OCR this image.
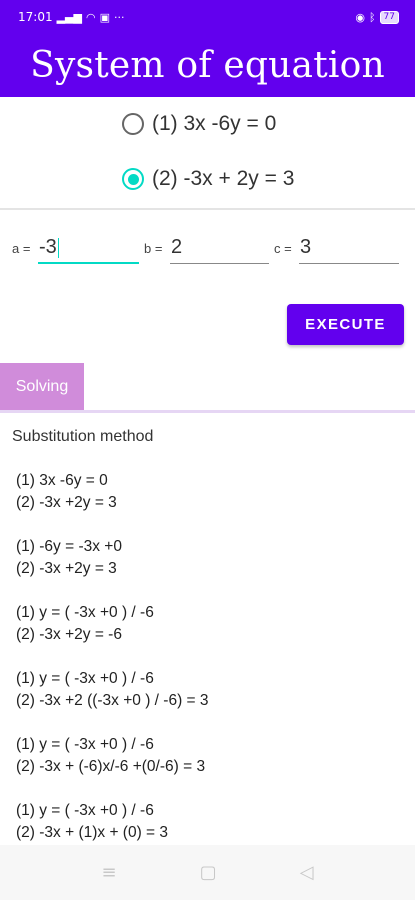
17:01 ▂▄▆ ◠ ▣ ···	◉ ᛒ 77
System of equation
(1) 3x -6y = 0
(2) -3x + 2y = 3
a = -3	b = 2	c = 3
EXECUTE
Solving
Substitution method
(1) 3x -6y = 0
(2) -3x +2y = 3
(1) -6y = -3x +0
(2) -3x +2y = 3
(1) y = ( -3x +0 ) / -6
(2) -3x +2y = -6
(1) y = ( -3x +0 ) / -6
(2) -3x +2 ((-3x +0 ) / -6) = 3
(1) y = ( -3x +0 ) / -6
(2) -3x + (-6)x/-6 +(0/-6) = 3
(1) y = ( -3x +0 ) / -6
(2) -3x + (1)x + (0) = 3
≡	▢	◁
